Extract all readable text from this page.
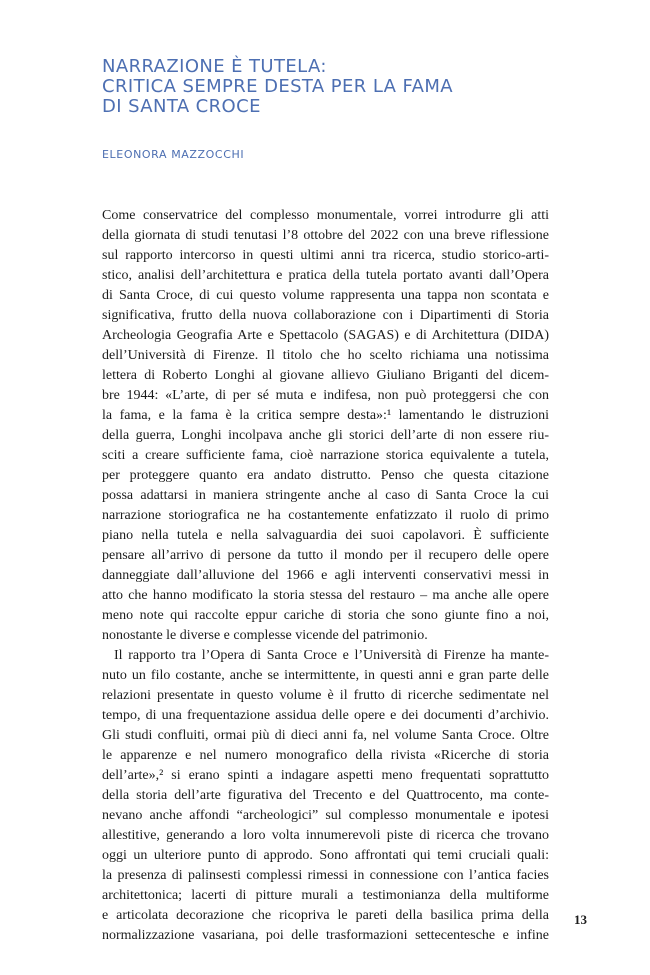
NARRAZIONE È TUTELA:
CRITICA SEMPRE DESTA PER LA FAMA
DI SANTA CROCE

ELEONORA MAZZOCCHI

Come conservatrice del complesso monumentale, vorrei introdurre gli atti
della giornata di studi tenutasi l’8 ottobre del 2022 con una breve riflessione
sul rapporto intercorso in questi ultimi anni tra ricerca, studio storico-arti-
stico, analisi dell’architettura e pratica della tutela portato avanti dall’Opera
di Santa Croce, di cui questo volume rappresenta una tappa non scontata e
significativa, frutto della nuova collaborazione con i Dipartimenti di Storia
Archeologia Geografia Arte e Spettacolo (SAGAS) e di Architettura (DIDA)
dell’Università di Firenze. Il titolo che ho scelto richiama una notissima
lettera di Roberto Longhi al giovane allievo Giuliano Briganti del dicem-
bre 1944: «L’arte, di per sé muta e indifesa, non può proteggersi che con
la fama, e la fama è la critica sempre desta»:¹ lamentando le distruzioni
della guerra, Longhi incolpava anche gli storici dell’arte di non essere riu-
sciti a creare sufficiente fama, cioè narrazione storica equivalente a tutela,
per proteggere quanto era andato distrutto. Penso che questa citazione
possa adattarsi in maniera stringente anche al caso di Santa Croce la cui
narrazione storiografica ne ha costantemente enfatizzato il ruolo di primo
piano nella tutela e nella salvaguardia dei suoi capolavori. È sufficiente
pensare all’arrivo di persone da tutto il mondo per il recupero delle opere
danneggiate dall’alluvione del 1966 e agli interventi conservativi messi in
atto che hanno modificato la storia stessa del restauro – ma anche alle opere
meno note qui raccolte eppur cariche di storia che sono giunte fino a noi,
nonostante le diverse e complesse vicende del patrimonio.
Il rapporto tra l’Opera di Santa Croce e l’Università di Firenze ha mante-
nuto un filo costante, anche se intermittente, in questi anni e gran parte delle
relazioni presentate in questo volume è il frutto di ricerche sedimentate nel
tempo, di una frequentazione assidua delle opere e dei documenti d’archivio.
Gli studi confluiti, ormai più di dieci anni fa, nel volume Santa Croce. Oltre
le apparenze e nel numero monografico della rivista «Ricerche di storia
dell’arte»,² si erano spinti a indagare aspetti meno frequentati soprattutto
della storia dell’arte figurativa del Trecento e del Quattrocento, ma conte-
nevano anche affondi “archeologici” sul complesso monumentale e ipotesi
allestitive, generando a loro volta innumerevoli piste di ricerca che trovano
oggi un ulteriore punto di approdo. Sono affrontati qui temi cruciali quali:
la presenza di palinsesti complessi rimessi in connessione con l’antica facies
architettonica; lacerti di pitture murali a testimonianza della multiforme
e articolata decorazione che ricopriva le pareti della basilica prima della
normalizzazione vasariana, poi delle trasformazioni settecentesche e infine
13
